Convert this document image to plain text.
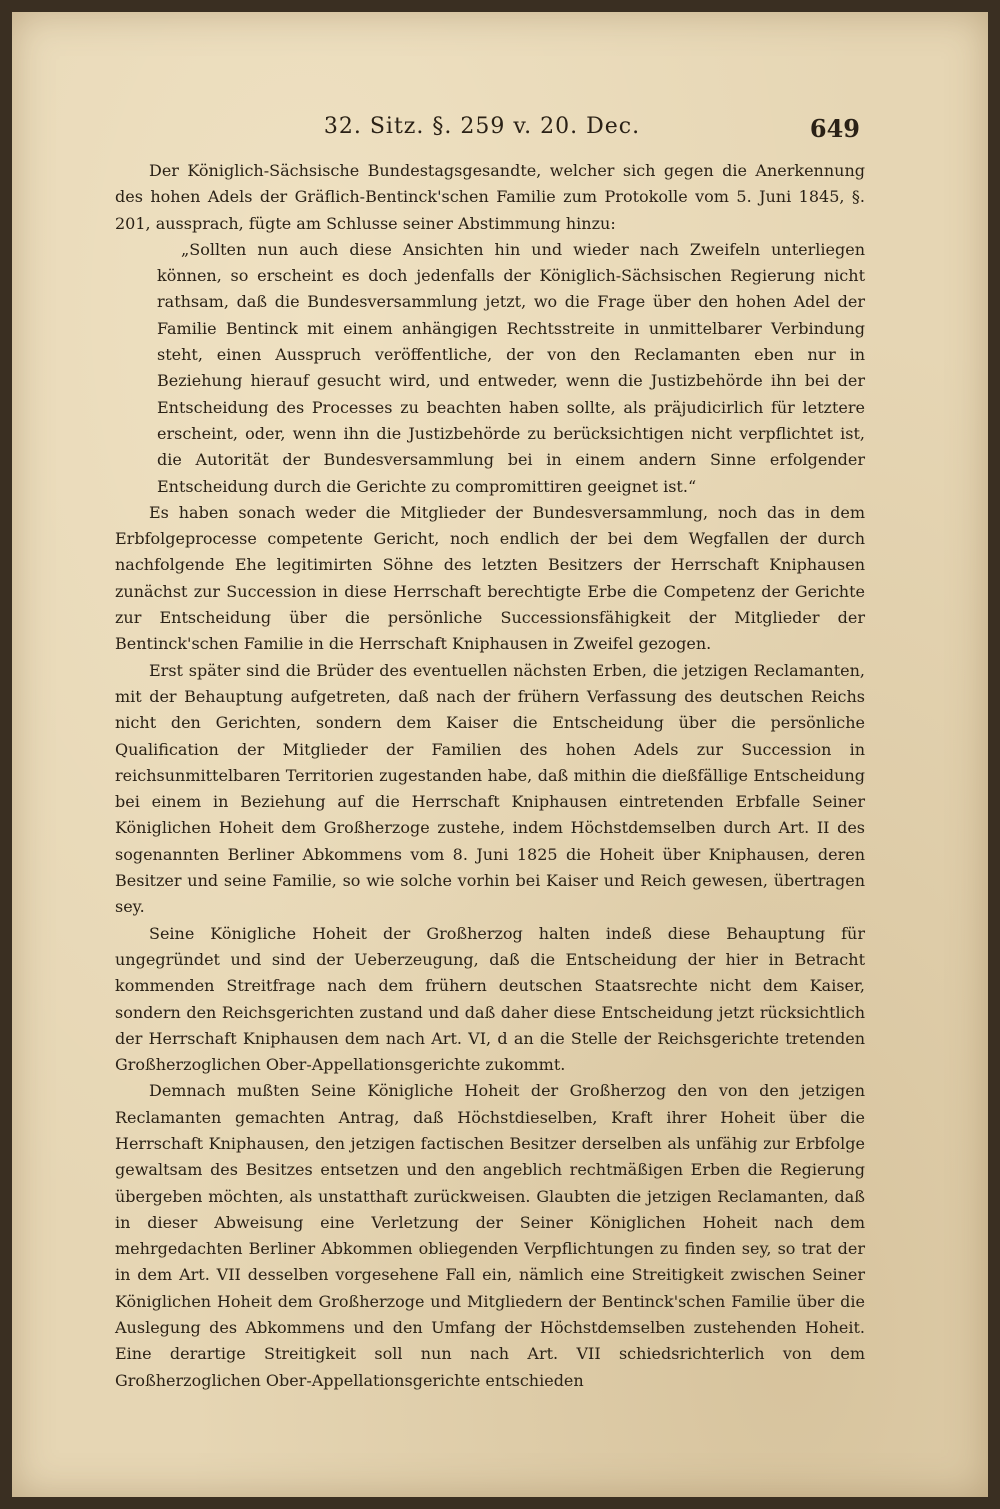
32. Sitz. §. 259 v. 20. Dec.	649

Der Königlich-Sächsische Bundestagsgesandte, welcher sich gegen die Anerkennung des hohen Adels der Gräflich-Bentinck'schen Familie zum Protokolle vom 5. Juni 1845, §. 201, aussprach, fügte am Schlusse seiner Abstimmung hinzu:

„Sollten nun auch diese Ansichten hin und wieder nach Zweifeln unterliegen können, so erscheint es doch jedenfalls der Königlich-Sächsischen Regierung nicht rathsam, daß die Bundesversammlung jetzt, wo die Frage über den hohen Adel der Familie Bentinck mit einem anhängigen Rechtsstreite in unmittelbarer Verbindung steht, einen Ausspruch veröffentliche, der von den Reclamanten eben nur in Beziehung hierauf gesucht wird, und entweder, wenn die Justizbehörde ihn bei der Entscheidung des Processes zu beachten haben sollte, als präjudicirlich für letztere erscheint, oder, wenn ihn die Justizbehörde zu berücksichtigen nicht verpflichtet ist, die Autorität der Bundesversammlung bei in einem andern Sinne erfolgender Entscheidung durch die Gerichte zu compromittiren geeignet ist.“

Es haben sonach weder die Mitglieder der Bundesversammlung, noch das in dem Erbfolgeprocesse competente Gericht, noch endlich der bei dem Wegfallen der durch nachfolgende Ehe legitimirten Söhne des letzten Besitzers der Herrschaft Kniphausen zunächst zur Succession in diese Herrschaft berechtigte Erbe die Competenz der Gerichte zur Entscheidung über die persönliche Successionsfähigkeit der Mitglieder der Bentinck'schen Familie in die Herrschaft Kniphausen in Zweifel gezogen.

Erst später sind die Brüder des eventuellen nächsten Erben, die jetzigen Reclamanten, mit der Behauptung aufgetreten, daß nach der frühern Verfassung des deutschen Reichs nicht den Gerichten, sondern dem Kaiser die Entscheidung über die persönliche Qualification der Mitglieder der Familien des hohen Adels zur Succession in reichsunmittelbaren Territorien zugestanden habe, daß mithin die dießfällige Entscheidung bei einem in Beziehung auf die Herrschaft Kniphausen eintretenden Erbfalle Seiner Königlichen Hoheit dem Großherzoge zustehe, indem Höchstdemselben durch Art. II des sogenannten Berliner Abkommens vom 8. Juni 1825 die Hoheit über Kniphausen, deren Besitzer und seine Familie, so wie solche vorhin bei Kaiser und Reich gewesen, übertragen sey.

Seine Königliche Hoheit der Großherzog halten indeß diese Behauptung für ungegründet und sind der Ueberzeugung, daß die Entscheidung der hier in Betracht kommenden Streitfrage nach dem frühern deutschen Staatsrechte nicht dem Kaiser, sondern den Reichsgerichten zustand und daß daher diese Entscheidung jetzt rücksichtlich der Herrschaft Kniphausen dem nach Art. VI, d an die Stelle der Reichsgerichte tretenden Großherzoglichen Ober-Appellationsgerichte zukommt.

Demnach mußten Seine Königliche Hoheit der Großherzog den von den jetzigen Reclamanten gemachten Antrag, daß Höchstdieselben, Kraft ihrer Hoheit über die Herrschaft Kniphausen, den jetzigen factischen Besitzer derselben als unfähig zur Erbfolge gewaltsam des Besitzes entsetzen und den angeblich rechtmäßigen Erben die Regierung übergeben möchten, als unstatthaft zurückweisen. Glaubten die jetzigen Reclamanten, daß in dieser Abweisung eine Verletzung der Seiner Königlichen Hoheit nach dem mehrgedachten Berliner Abkommen obliegenden Verpflichtungen zu finden sey, so trat der in dem Art. VII desselben vorgesehene Fall ein, nämlich eine Streitigkeit zwischen Seiner Königlichen Hoheit dem Großherzoge und Mitgliedern der Bentinck'schen Familie über die Auslegung des Abkommens und den Umfang der Höchstdemselben zustehenden Hoheit. Eine derartige Streitigkeit soll nun nach Art. VII schiedsrichterlich von dem Großherzoglichen Ober-Appellationsgerichte entschieden
